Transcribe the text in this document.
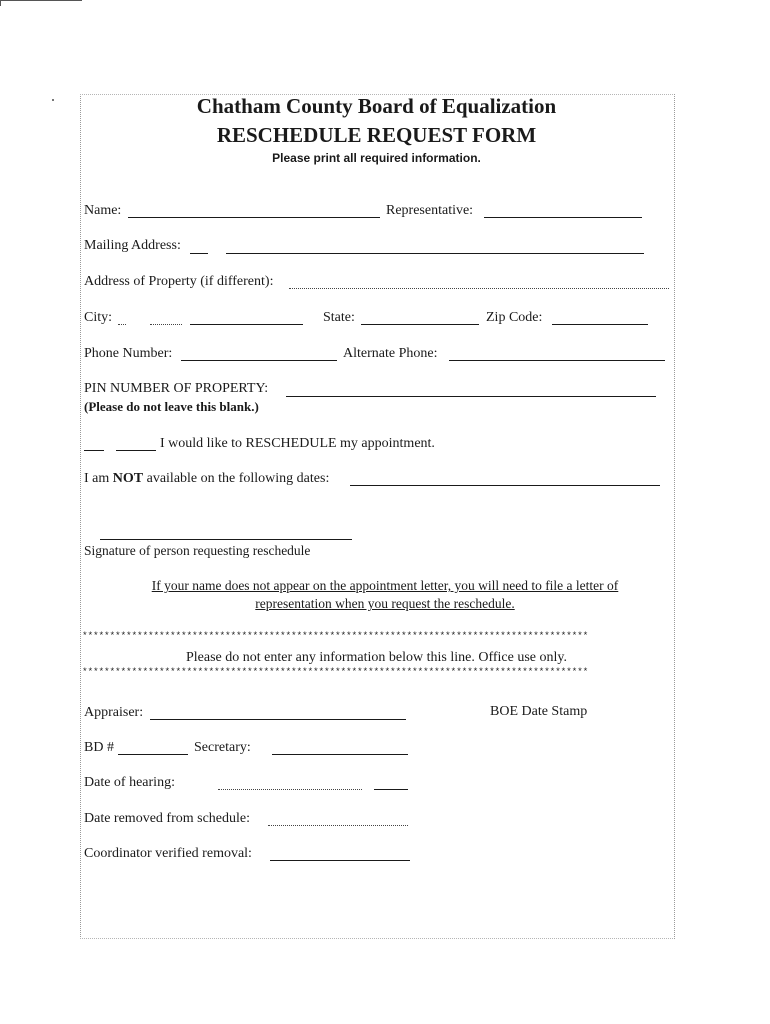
Chatham County Board of Equalization
RESCHEDULE REQUEST FORM
Please print all required information.
Name:	Representative:
Mailing Address:
Address of Property (if different):
City:	State:	Zip Code:
Phone Number:	Alternate Phone:
PIN NUMBER OF PROPERTY:
(Please do not leave this blank.)
I would like to RESCHEDULE my appointment.
I am NOT available on the following dates:
Signature of person requesting reschedule
If your name does not appear on the appointment letter, you will need to file a letter of
representation when you request the reschedule.
********************************************************************************************
Please do not enter any information below this line. Office use only.
********************************************************************************************
Appraiser:	BOE Date Stamp
BD #	Secretary:
Date of hearing:
Date removed from schedule:
Coordinator verified removal:
